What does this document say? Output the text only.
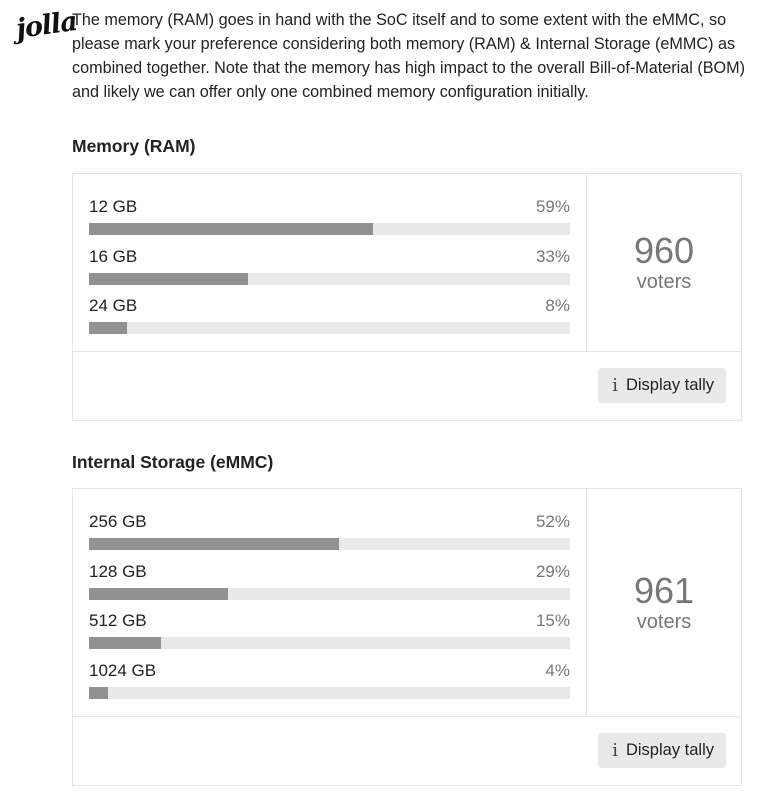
jolla
The memory (RAM) goes in hand with the SoC itself and to some extent with the eMMC, so please mark your preference considering both memory (RAM) & Internal Storage (eMMC) as combined together. Note that the memory has high impact to the overall Bill-of-Material (BOM) and likely we can offer only one combined memory configuration initially.
Memory (RAM)
12 GB	59%
16 GB	33%
24 GB	8%
960
voters
i Display tally
Internal Storage (eMMC)
256 GB	52%
128 GB	29%
512 GB	15%
1024 GB	4%
961
voters
i Display tally
